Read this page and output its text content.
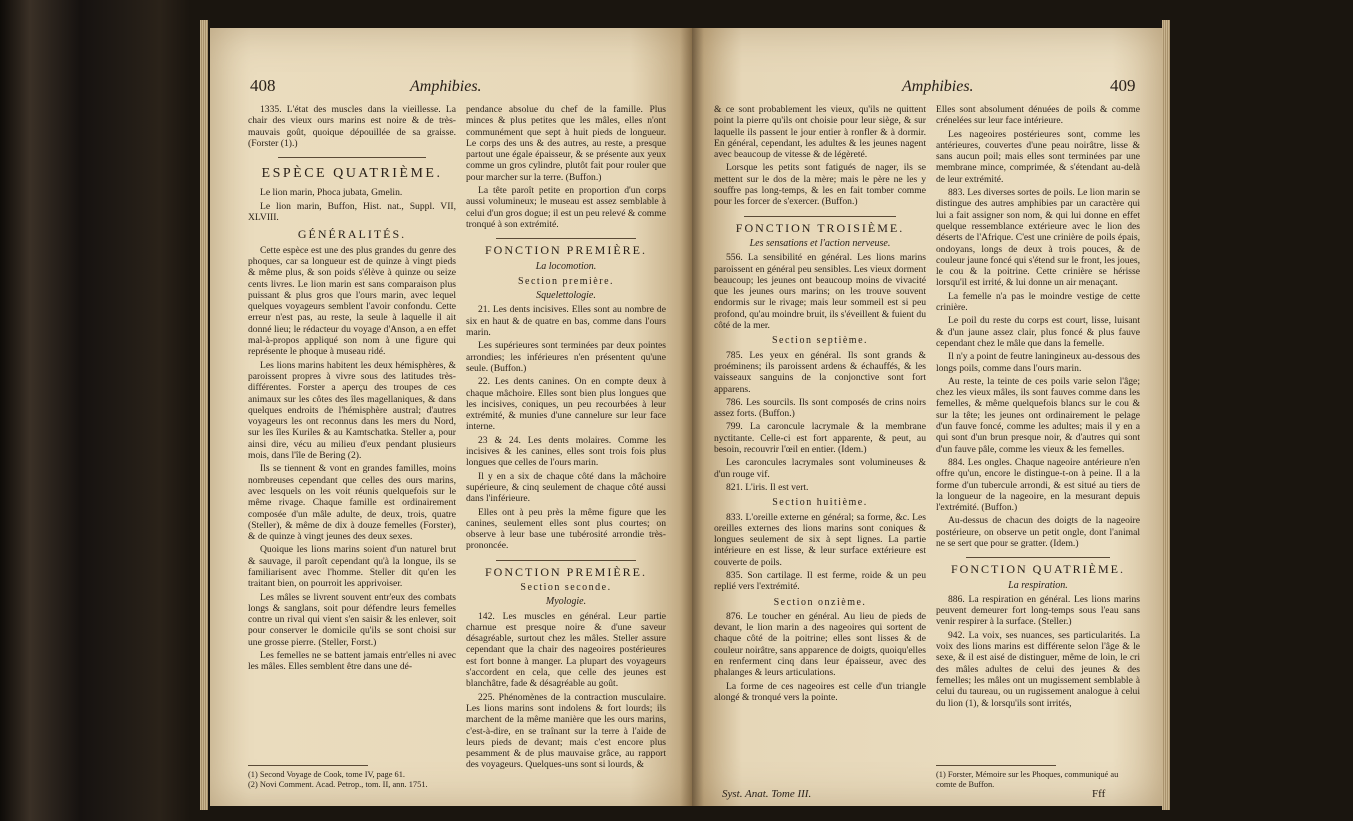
408	Amphibies.

1335. L'état des muscles dans la vieillesse. La chair des vieux ours marins est noire & de très-mauvais goût, quoique dépouillée de sa graisse. (Forster (1).)

ESPÈCE QUATRIÈME.

Le lion marin, Phoca jubata, Gmelin.

Le lion marin, Buffon, Hist. nat., Suppl. VII, XLVIII.

GÉNÉRALITÉS.

Cette espèce est une des plus grandes du genre des phoques, car sa longueur est de quinze à vingt pieds & même plus, & son poids s'élève à quinze ou seize cents livres. Le lion marin est sans comparaison plus puissant & plus gros que l'ours marin, avec lequel quelques voyageurs semblent l'avoir confondu. Cette erreur n'est pas, au reste, la seule à laquelle il ait donné lieu; le rédacteur du voyage d'Anson, a en effet mal-à-propos appliqué son nom à une figure qui représente le phoque à museau ridé.

Les lions marins habitent les deux hémisphères, & paroissent propres à vivre sous des latitudes très-différentes. Forster a aperçu des troupes de ces animaux sur les côtes des îles magellaniques, & dans quelques endroits de l'hémisphère austral; d'autres voyageurs les ont reconnus dans les mers du Nord, sur les îles Kuriles & au Kamtschatka. Steller a, pour ainsi dire, vécu au milieu d'eux pendant plusieurs mois, dans l'île de Bering (2).

Ils se tiennent & vont en grandes familles, moins nombreuses cependant que celles des ours marins, avec lesquels on les voit réunis quelquefois sur le même rivage. Chaque famille est ordinairement composée d'un mâle adulte, de deux, trois, quatre (Steller), & même de dix à douze femelles (Forster), & de quinze à vingt jeunes des deux sexes.

Quoique les lions marins soient d'un naturel brut & sauvage, il paroît cependant qu'à la longue, ils se familiarisent avec l'homme. Steller dit qu'en les traitant bien, on pourroit les apprivoiser.

Les mâles se livrent souvent entr'eux des combats longs & sanglans, soit pour défendre leurs femelles contre un rival qui vient s'en saisir & les enlever, soit pour conserver le domicile qu'ils se sont choisi sur une grosse pierre. (Steller, Forst.)

Les femelles ne se battent jamais entr'elles ni avec les mâles. Elles semblent être dans une dé-

(1) Second Voyage de Cook, tome IV, page 61.
(2) Novi Comment. Acad. Petrop., tom. II, ann. 1751.

pendance absolue du chef de la famille. Plus minces & plus petites que les mâles, elles n'ont communément que sept à huit pieds de longueur. Le corps des uns & des autres, au reste, a presque partout une égale épaisseur, & se présente aux yeux comme un gros cylindre, plutôt fait pour rouler que pour marcher sur la terre. (Buffon.)

La tête paroît petite en proportion d'un corps aussi volumineux; le museau est assez semblable à celui d'un gros dogue; il est un peu relevé & comme tronqué à son extrémité.

FONCTION PREMIÈRE.
La locomotion.
Section première.
Squelettologie.

21. Les dents incisives. Elles sont au nombre de six en haut & de quatre en bas, comme dans l'ours marin.

Les supérieures sont terminées par deux pointes arrondies; les inférieures n'en présentent qu'une seule. (Buffon.)

22. Les dents canines. On en compte deux à chaque mâchoire. Elles sont bien plus longues que les incisives, coniques, un peu recourbées à leur extrémité, & munies d'une cannelure sur leur face interne.

23 & 24. Les dents molaires. Comme les incisives & les canines, elles sont trois fois plus longues que celles de l'ours marin.

Il y en a six de chaque côté dans la mâchoire supérieure, & cinq seulement de chaque côté aussi dans l'inférieure.

Elles ont à peu près la même figure que les canines, seulement elles sont plus courtes; on observe à leur base une tubérosité arrondie très-prononcée.

FONCTION PREMIÈRE.
Section seconde.
Myologie.

142. Les muscles en général. Leur partie charnue est presque noire & d'une saveur désagréable, surtout chez les mâles. Steller assure cependant que la chair des nageoires postérieures est fort bonne à manger. La plupart des voyageurs s'accordent en cela, que celle des jeunes est blanchâtre, fade & désagréable au goût.

225. Phénomènes de la contraction musculaire. Les lions marins sont indolens & fort lourds; ils marchent de la même manière que les ours marins, c'est-à-dire, en se traînant sur la terre à l'aide de leurs pieds de devant; mais c'est encore plus pesamment & de plus mauvaise grâce, au rapport des voyageurs. Quelques-uns sont si lourds, &

Amphibies.	409

& ce sont probablement les vieux, qu'ils ne quittent point la pierre qu'ils ont choisie pour leur siège, & sur laquelle ils passent le jour entier à ronfler & à dormir. En général, cependant, les adultes & les jeunes nagent avec beaucoup de vitesse & de légèreté.

Lorsque les petits sont fatigués de nager, ils se mettent sur le dos de la mère; mais le père ne les y souffre pas long-temps, & les en fait tomber comme pour les forcer de s'exercer. (Buffon.)

FONCTION TROISIÈME.
Les sensations et l'action nerveuse.

556. La sensibilité en général. Les lions marins paroissent en général peu sensibles. Les vieux dorment beaucoup; les jeunes ont beaucoup moins de vivacité que les jeunes ours marins; on les trouve souvent endormis sur le rivage; mais leur sommeil est si peu profond, qu'au moindre bruit, ils s'éveillent & fuient du côté de la mer.

Section septième.

785. Les yeux en général. Ils sont grands & proéminens; ils paroissent ardens & échauffés, & les vaisseaux sanguins de la conjonctive sont fort apparens.

786. Les sourcils. Ils sont composés de crins noirs assez forts. (Buffon.)

799. La caroncule lacrymale & la membrane nyctitante. Celle-ci est fort apparente, & peut, au besoin, recouvrir l'œil en entier. (Idem.)

Les caroncules lacrymales sont volumineuses & d'un rouge vif.

821. L'iris. Il est vert.

Section huitième.

833. L'oreille externe en général; sa forme, &c. Les oreilles externes des lions marins sont coniques & longues seulement de six à sept lignes. La partie intérieure en est lisse, & leur surface extérieure est couverte de poils.

835. Son cartilage. Il est ferme, roide & un peu replié vers l'extrémité.

Section onzième.

876. Le toucher en général. Au lieu de pieds de devant, le lion marin a des nageoires qui sortent de chaque côté de la poitrine; elles sont lisses & de couleur noirâtre, sans apparence de doigts, quoiqu'elles en renferment cinq dans leur épaisseur, avec des phalanges & leurs articulations.

La forme de ces nageoires est celle d'un triangle alongé & tronqué vers la pointe.

Syst. Anat. Tome III.

Elles sont absolument dénuées de poils & comme crénelées sur leur face intérieure.

Les nageoires postérieures sont, comme les antérieures, couvertes d'une peau noirâtre, lisse & sans aucun poil; mais elles sont terminées par une membrane mince, comprimée, & s'étendant au-delà de leur extrémité.

883. Les diverses sortes de poils. Le lion marin se distingue des autres amphibies par un caractère qui lui a fait assigner son nom, & qui lui donne en effet quelque ressemblance extérieure avec le lion des déserts de l'Afrique. C'est une crinière de poils épais, ondoyans, longs de deux à trois pouces, & de couleur jaune foncé qui s'étend sur le front, les joues, le cou & la poitrine. Cette crinière se hérisse lorsqu'il est irrité, & lui donne un air menaçant.

La femelle n'a pas le moindre vestige de cette crinière.

Le poil du reste du corps est court, lisse, luisant & d'un jaune assez clair, plus foncé & plus fauve cependant chez le mâle que dans la femelle.

Il n'y a point de feutre laningineux au-dessous des longs poils, comme dans l'ours marin.

Au reste, la teinte de ces poils varie selon l'âge; chez les vieux mâles, ils sont fauves comme dans les femelles, & même quelquefois blancs sur le cou & sur la tête; les jeunes ont ordinairement le pelage d'un fauve foncé, comme les adultes; mais il y en a qui sont d'un brun presque noir, & d'autres qui sont d'un fauve pâle, comme les vieux & les femelles.

884. Les ongles. Chaque nageoire antérieure n'en offre qu'un, encore le distingue-t-on à peine. Il a la forme d'un tubercule arrondi, & est situé au tiers de la longueur de la nageoire, en la mesurant depuis l'extrémité. (Buffon.)

Au-dessus de chacun des doigts de la nageoire postérieure, on observe un petit ongle, dont l'animal ne se sert que pour se gratter. (Idem.)

FONCTION QUATRIÈME.
La respiration.

886. La respiration en général. Les lions marins peuvent demeurer fort long-temps sous l'eau sans venir respirer à la surface. (Steller.)

942. La voix, ses nuances, ses particularités. La voix des lions marins est différente selon l'âge & le sexe, & il est aisé de distinguer, même de loin, le cri des mâles adultes de celui des jeunes & des femelles; les mâles ont un mugissement semblable à celui du taureau, ou un rugissement analogue à celui du lion (1), & lorsqu'ils sont irrités,

(1) Forster, Mémoire sur les Phoques, communiqué au comte de Buffon.
Fff
